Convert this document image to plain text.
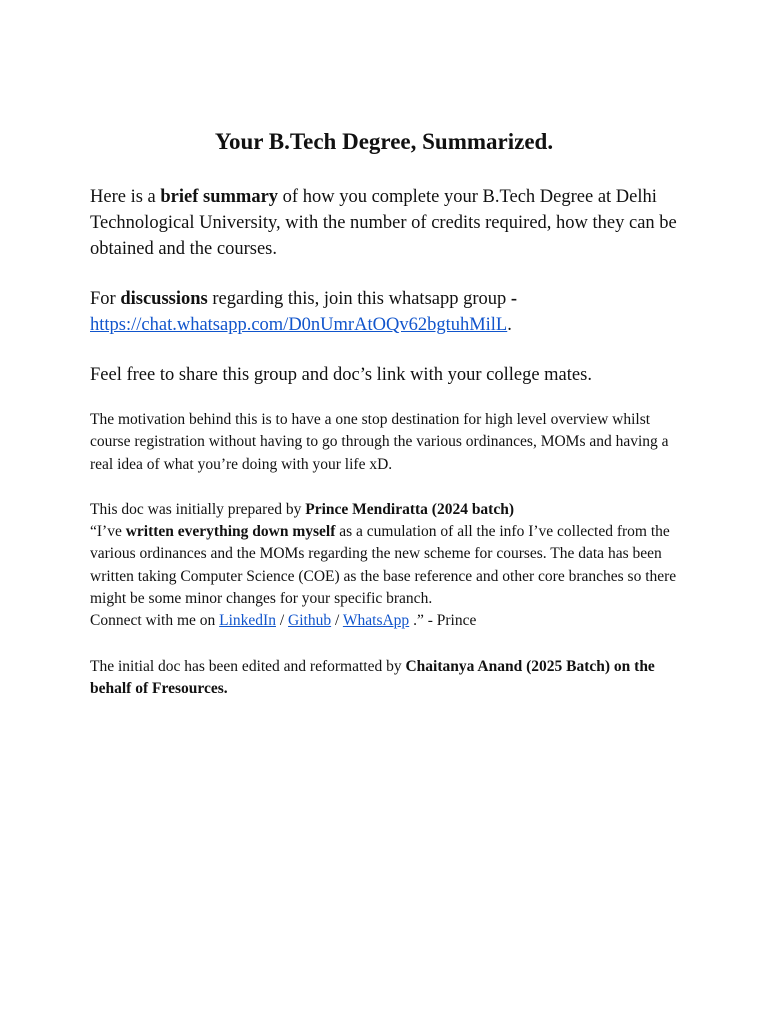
Your B.Tech Degree, Summarized.

Here is a brief summary of how you complete your B.Tech Degree at Delhi Technological University, with the number of credits required, how they can be obtained and the courses.

For discussions regarding this, join this whatsapp group -
https://chat.whatsapp.com/D0nUmrAtOQv62bgtuhMilL.

Feel free to share this group and doc’s link with your college mates.

The motivation behind this is to have a one stop destination for high level overview whilst course registration without having to go through the various ordinances, MOMs and having a real idea of what you’re doing with your life xD.

This doc was initially prepared by Prince Mendiratta (2024 batch)
“I’ve written everything down myself as a cumulation of all the info I’ve collected from the various ordinances and the MOMs regarding the new scheme for courses. The data has been written taking Computer Science (COE) as the base reference and other core branches so there might be some minor changes for your specific branch.
Connect with me on LinkedIn / Github / WhatsApp .” - Prince

The initial doc has been edited and reformatted by Chaitanya Anand (2025 Batch) on the behalf of Fresources.
